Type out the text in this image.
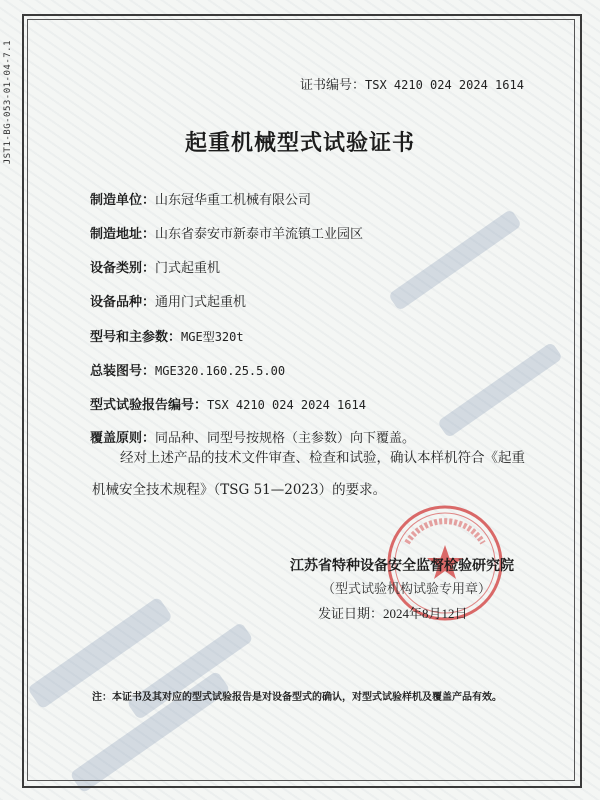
JST1-BG-053-01-04-7.1	证书编号：TSX 4210 024 2024 1614
起重机械型式试验证书
制造单位：山东冠华重工机械有限公司
制造地址：山东省泰安市新泰市羊流镇工业园区
设备类别：门式起重机
设备品种：通用门式起重机
型号和主参数：MGE型320t
总装图号：MGE320.160.25.5.00
型式试验报告编号：TSX 4210 024 2024 1614
覆盖原则：同品种、同型号按规格（主参数）向下覆盖。
经对上述产品的技术文件审查、检查和试验，确认本样机符合《起重机械安全技术规程》（TSG 51—2023）的要求。
江苏省特种设备安全监督检验研究院
（型式试验机构试验专用章）
发证日期：2024年8月12日
注：本证书及其对应的型式试验报告是对设备型式的确认，对型式试验样机及覆盖产品有效。
